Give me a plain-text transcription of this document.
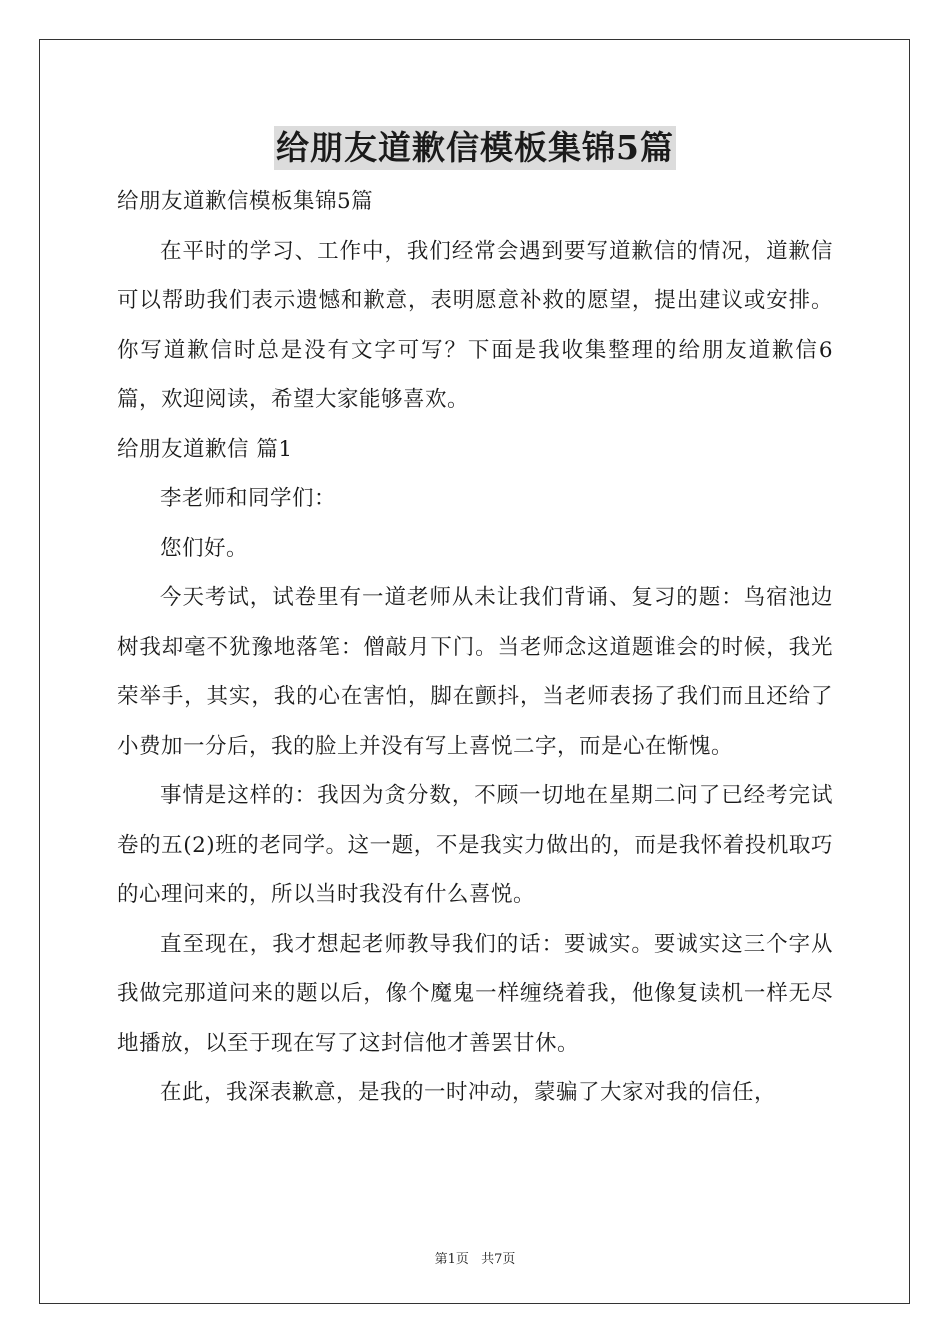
给朋友道歉信模板集锦5篇

给朋友道歉信模板集锦5篇

在平时的学习、工作中，我们经常会遇到要写道歉信的情况，道歉信可以帮助我们表示遗憾和歉意，表明愿意补救的愿望，提出建议或安排。你写道歉信时总是没有文字可写？下面是我收集整理的给朋友道歉信6篇，欢迎阅读，希望大家能够喜欢。

给朋友道歉信 篇1

李老师和同学们：

您们好。

今天考试，试卷里有一道老师从未让我们背诵、复习的题：鸟宿池边树我却毫不犹豫地落笔：僧敲月下门。当老师念这道题谁会的时候，我光荣举手，其实，我的心在害怕，脚在颤抖，当老师表扬了我们而且还给了小费加一分后，我的脸上并没有写上喜悦二字，而是心在惭愧。

事情是这样的：我因为贪分数，不顾一切地在星期二问了已经考完试卷的五(2)班的老同学。这一题，不是我实力做出的，而是我怀着投机取巧的心理问来的，所以当时我没有什么喜悦。

直至现在，我才想起老师教导我们的话：要诚实。要诚实这三个字从我做完那道问来的题以后，像个魔鬼一样缠绕着我，他像复读机一样无尽地播放，以至于现在写了这封信他才善罢甘休。

在此，我深表歉意，是我的一时冲动，蒙骗了大家对我的信任，

第1页 共7页
